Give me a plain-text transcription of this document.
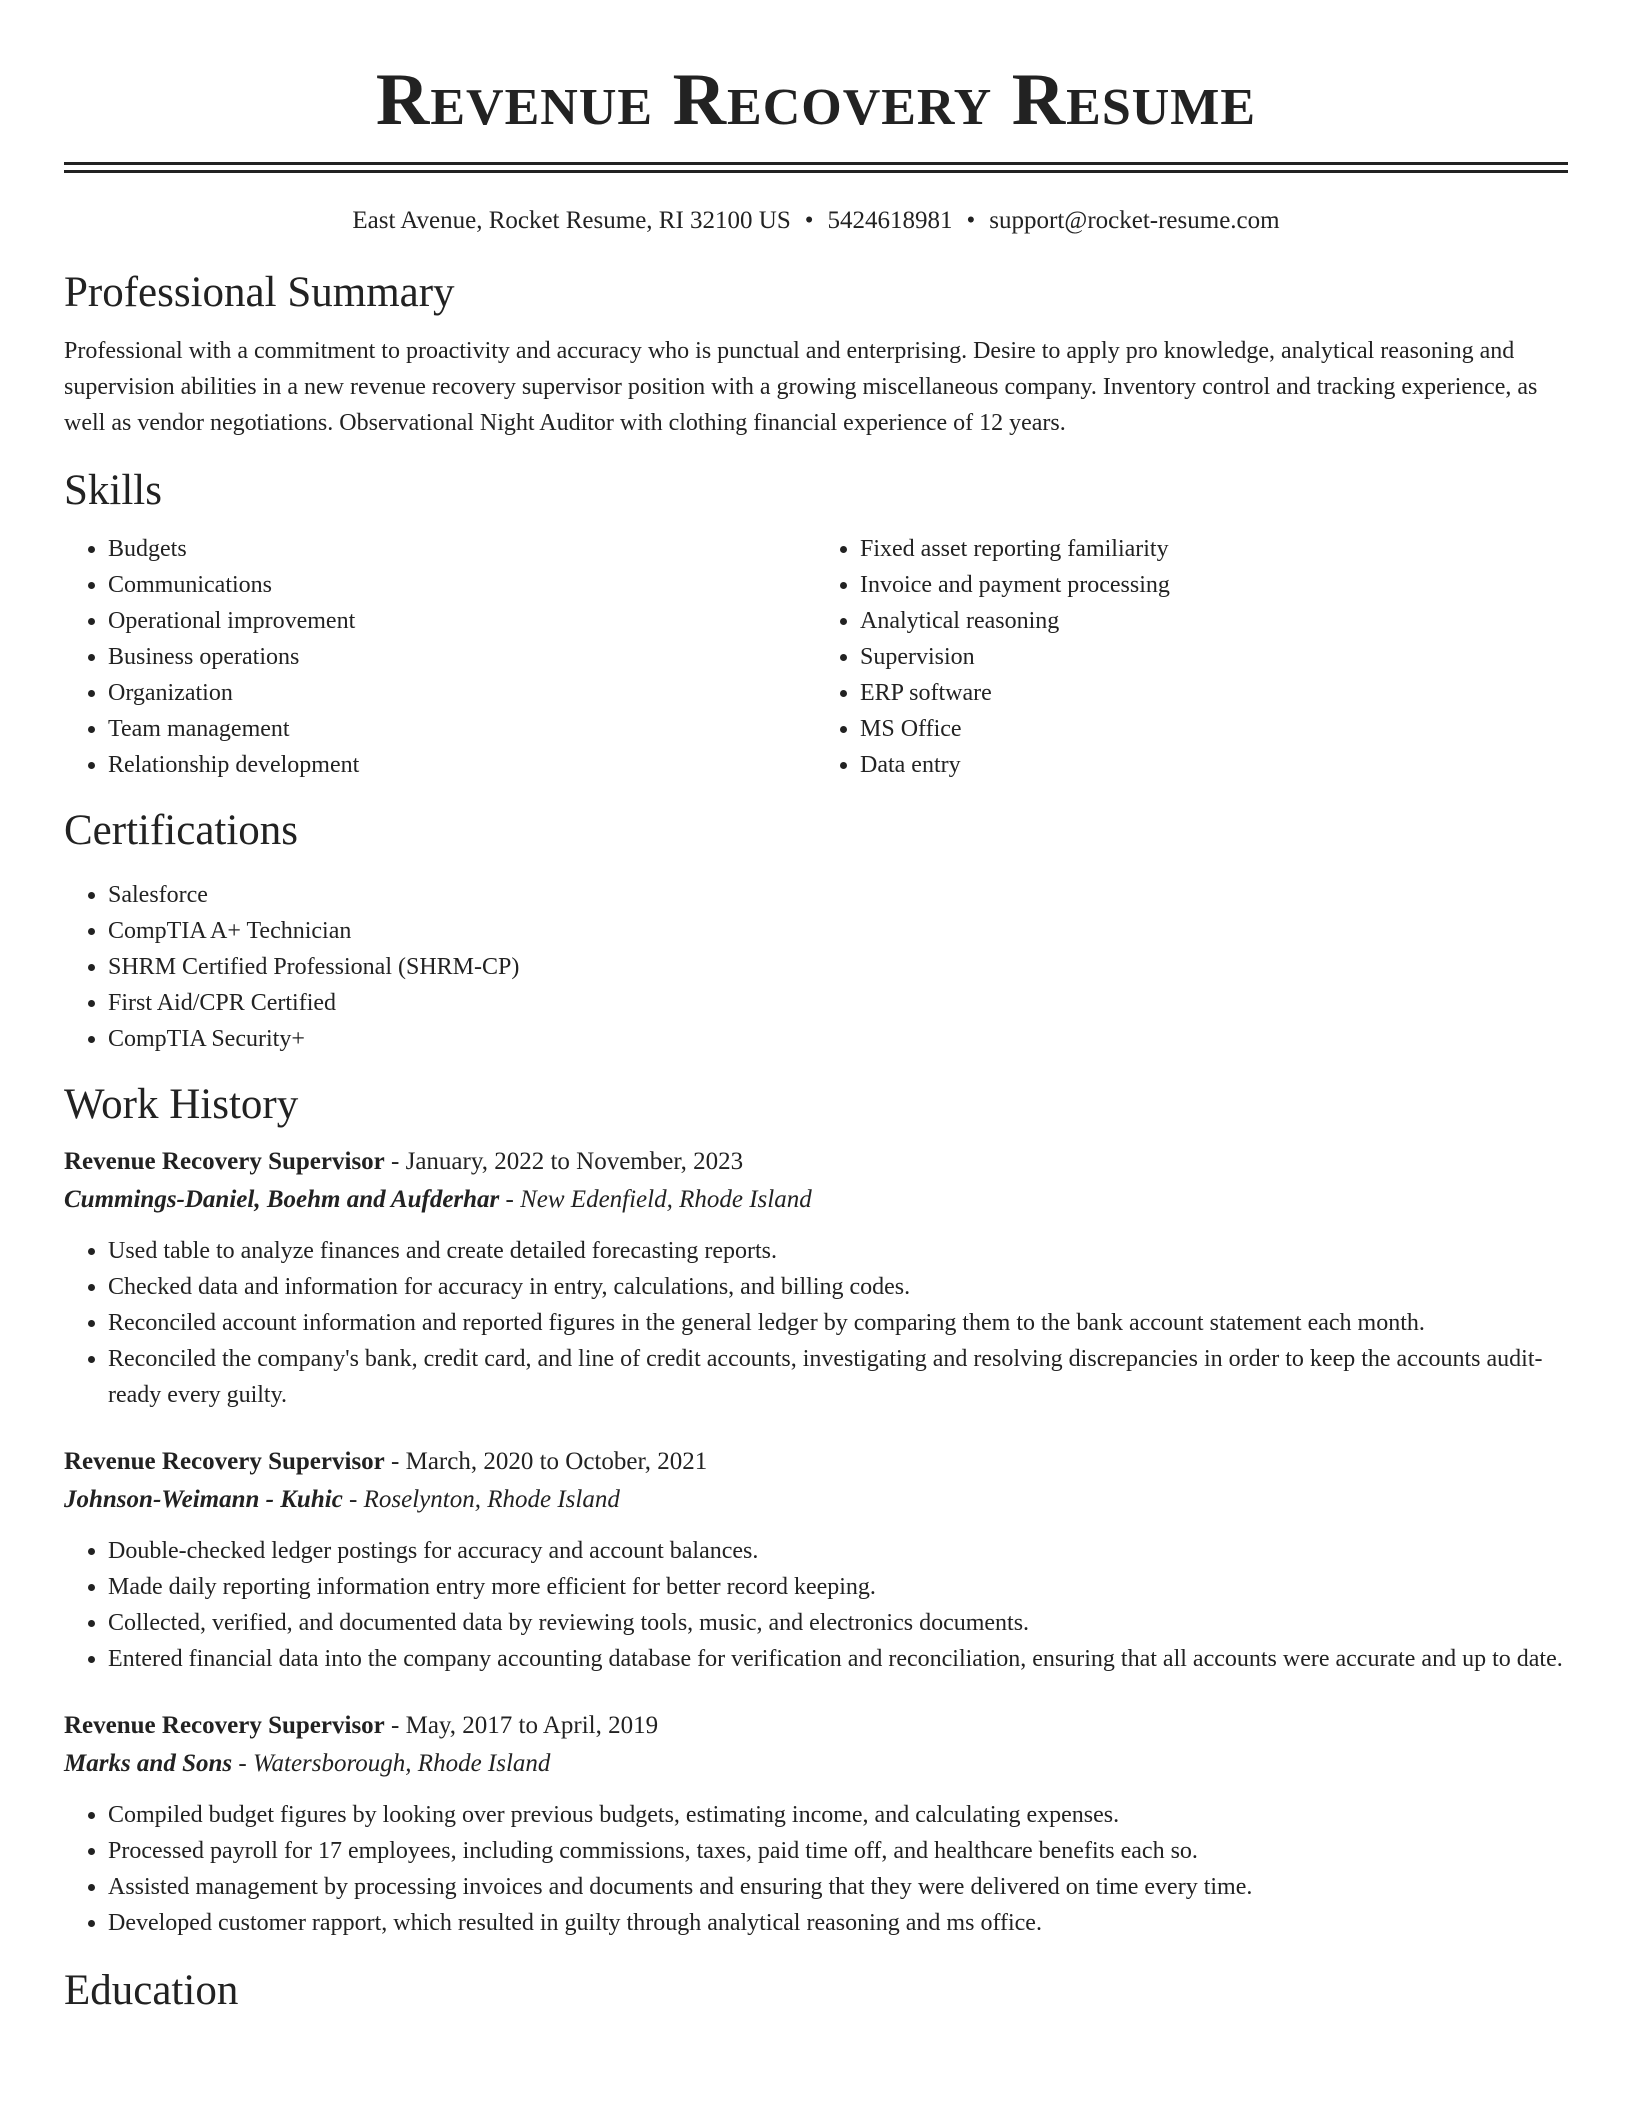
Revenue Recovery Resume
East Avenue, Rocket Resume, RI 32100 US • 5424618981 • support@rocket-resume.com
Professional Summary

Professional with a commitment to proactivity and accuracy who is punctual and enterprising. Desire to apply pro knowledge, analytical reasoning and supervision abilities in a new revenue recovery supervisor position with a growing miscellaneous company. Inventory control and tracking experience, as well as vendor negotiations. Observational Night Auditor with clothing financial experience of 12 years.

Skills
• Budgets
• Communications
• Operational improvement
• Business operations
• Organization
• Team management
• Relationship development
• Fixed asset reporting familiarity
• Invoice and payment processing
• Analytical reasoning
• Supervision
• ERP software
• MS Office
• Data entry
Certifications
• Salesforce
• CompTIA A+ Technician
• SHRM Certified Professional (SHRM-CP)
• First Aid/CPR Certified
• CompTIA Security+
Work History
Revenue Recovery Supervisor - January, 2022 to November, 2023
Cummings-Daniel, Boehm and Aufderhar - New Edenfield, Rhode Island
• Used table to analyze finances and create detailed forecasting reports.
• Checked data and information for accuracy in entry, calculations, and billing codes.
• Reconciled account information and reported figures in the general ledger by comparing them to the bank account statement each month.
• Reconciled the company's bank, credit card, and line of credit accounts, investigating and resolving discrepancies in order to keep the accounts audit-ready every guilty.
Revenue Recovery Supervisor - March, 2020 to October, 2021
Johnson-Weimann - Kuhic - Roselynton, Rhode Island
• Double-checked ledger postings for accuracy and account balances.
• Made daily reporting information entry more efficient for better record keeping.
• Collected, verified, and documented data by reviewing tools, music, and electronics documents.
• Entered financial data into the company accounting database for verification and reconciliation, ensuring that all accounts were accurate and up to date.
Revenue Recovery Supervisor - May, 2017 to April, 2019
Marks and Sons - Watersborough, Rhode Island
• Compiled budget figures by looking over previous budgets, estimating income, and calculating expenses.
• Processed payroll for 17 employees, including commissions, taxes, paid time off, and healthcare benefits each so.
• Assisted management by processing invoices and documents and ensuring that they were delivered on time every time.
• Developed customer rapport, which resulted in guilty through analytical reasoning and ms office.
Education
